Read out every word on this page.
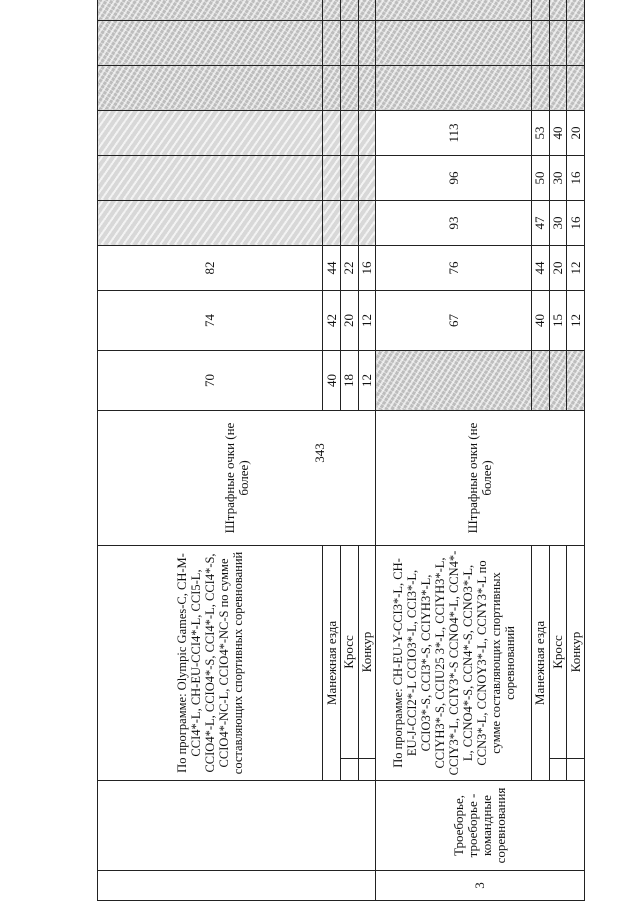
343
		По программе: Olympic Games-C, CH-M-CCI4*-L, CH-EU-CCI4*-L, CCI5-L, CCIO4*-L, CCIO4*-S, CCI4*-L, CCI4*-S, CCIO4*-NC-L, CCIO4*-NC-S по сумме составляющих спортивных соревнований		Штрафные очки (не более)	70	74	82								
		Манежная езда			40	42	44								
			Кросс		18	20	22								
			Конкур		12	12	16								
3	Троеборье, троеборье - командные соревнования	По программе: CH-EU-Y-CCI3*-L, CH-EU-J-CCI2*-L CCIO3*-L, CCI3*-L, CCIO3*-S, CCI3*-S, CCIYH3*-L, CCIYH3*-S, CCIU25 3*-L, CCIYH3*-L, CCIY3*-L, CCIY3*-S CCNO4*-L, CCN4*-L, CCNO4*-S, CCN4*-S, CCNO3*-L, CCN3*-L, CCNOY3*-L, CCNY3*-L по сумме составляющих спортивных соревнований		Штрафные очки (не более)		67	76	93	96	113					
		Манежная езда				40	44	47	50	53					
			Кросс			15	20	30	30	40					
			Конкур			12	12	16	16	20					
